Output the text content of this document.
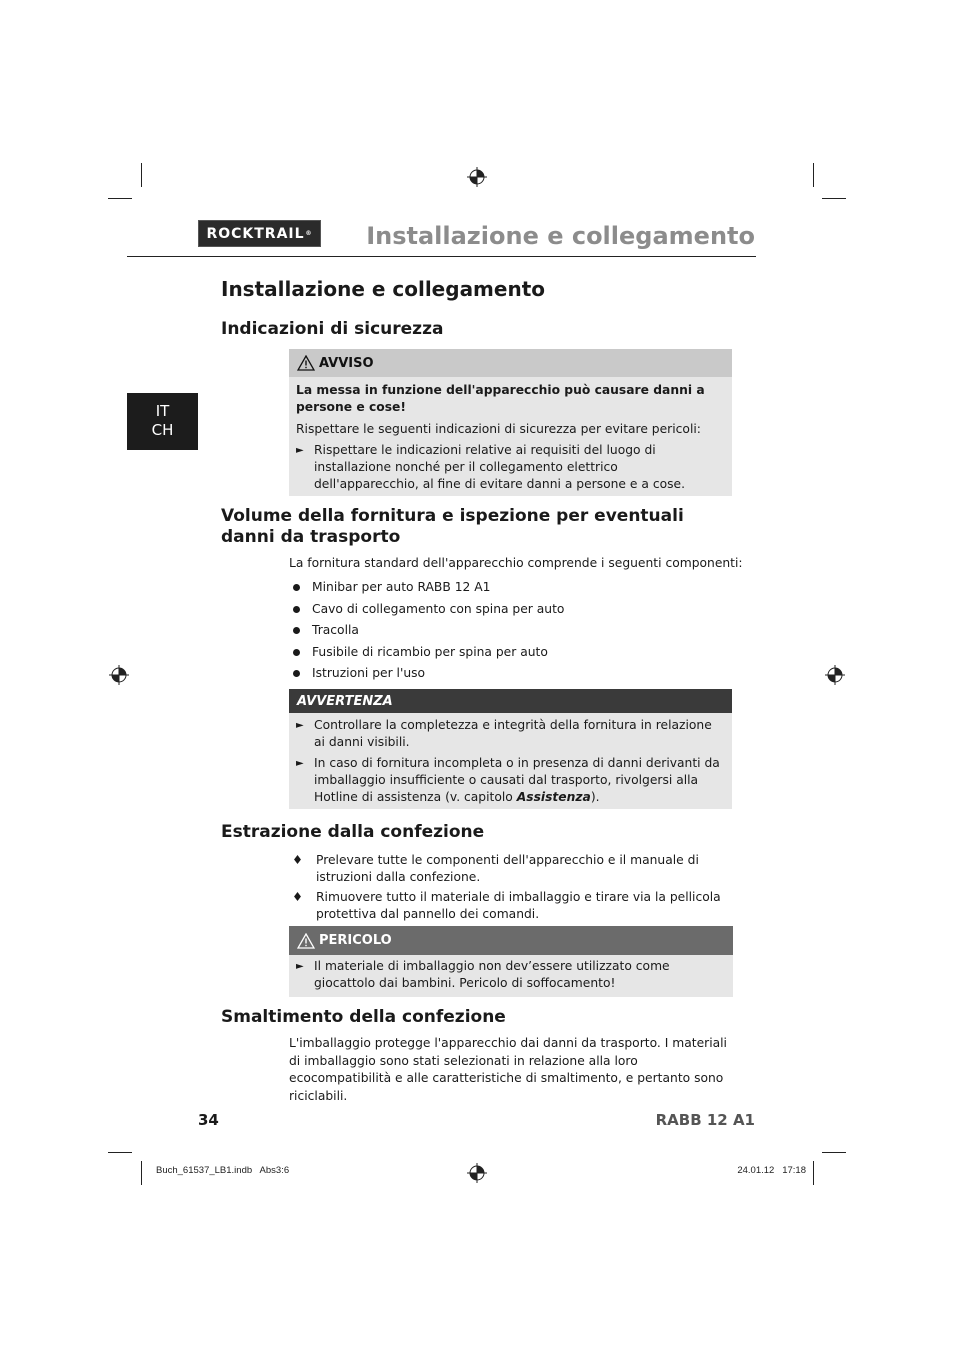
ROCKTRAIL ® Installazione e collegamento
IT
CH
Installazione e collegamento
Indicazioni di sicurezza
AVVISO

La messa in funzione dell'apparecchio può causare danni a persone e cose!

Rispettare le seguenti indicazioni di sicurezza per evitare pericoli:

► Rispettare le indicazioni relative ai requisiti del luogo di installazione nonché per il collegamento elettrico dell'apparecchio, al fine di evitare danni a persone e a cose.
Volume della fornitura e ispezione per eventuali danni da trasporto
La fornitura standard dell'apparecchio comprende i seguenti componenti:
Minibar per auto RABB 12 A1
Cavo di collegamento con spina per auto
Tracolla
Fusibile di ricambio per spina per auto
Istruzioni per l'uso
AVVERTENZA
► Controllare la completezza e integrità della fornitura in relazione ai danni visibili.
► In caso di fornitura incompleta o in presenza di danni derivanti da imballaggio insufficiente o causati dal trasporto, rivolgersi alla Hotline di assistenza (v. capitolo Assistenza).
Estrazione dalla confezione
♦ Prelevare tutte le componenti dell'apparecchio e il manuale di istruzioni dalla confezione.
♦ Rimuovere tutto il materiale di imballaggio e tirare via la pellicola protettiva dal pannello dei comandi.
PERICOLO
► Il materiale di imballaggio non dev’essere utilizzato come giocattolo dai bambini. Pericolo di soffocamento!
Smaltimento della confezione
L'imballaggio protegge l'apparecchio dai danni da trasporto. I materiali di imballaggio sono stati selezionati in relazione alla loro ecocompatibilità e alle caratteristiche di smaltimento, e pertanto sono riciclabili.
34	RABB 12 A1
Buch_61537_LB1.indb   Abs3:6	24.01.12   17:18
